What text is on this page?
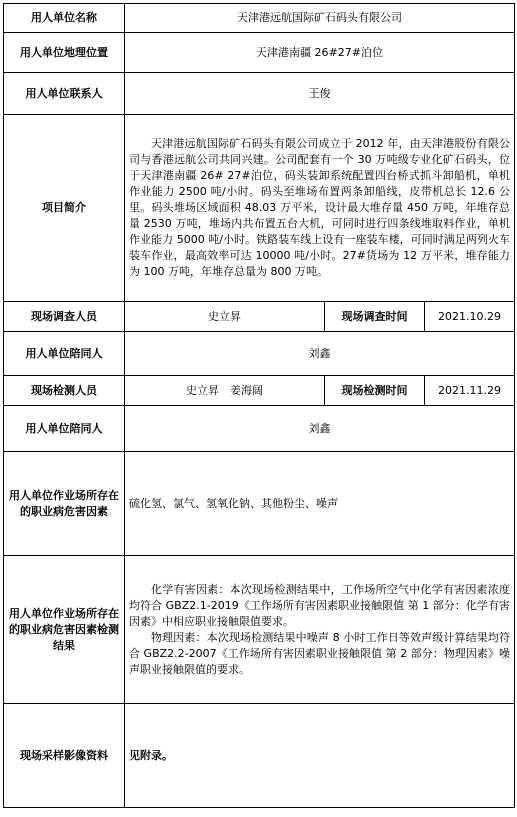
用人单位名称	天津港远航国际矿石码头有限公司		
用人单位地理位置	天津港南疆 26#27#泊位		
用人单位联系人	王俊		
项目简介	天津港远航国际矿石码头有限公司成立于 2012 年，由天津港股份有限公司与香港远航公司共同兴建。公司配套有一个 30 万吨级专业化矿石码头，位于天津港南疆 26# 27#泊位，码头装卸系统配置四台桥式抓斗卸船机，单机作业能力 2500 吨/小时。码头至堆场布置两条卸船线，皮带机总长 12.6 公里。码头堆场区域面积 48.03 万平米，设计最大堆存量 450 万吨，年堆存总量 2530 万吨，堆场内共布置五台大机，可同时进行四条线堆取料作业，单机作业能力 5000 吨/小时。铁路装车线上设有一座装车楼，可同时满足两列火车装车作业，最高效率可达 10000 吨/小时。27#货场为 12 万平米，堆存能力为 100 万吨，年堆存总量为 800 万吨。		

现场调查人员	史立昇	现场调查时间	2021.10.29
用人单位陪同人	刘鑫		
现场检测人员	史立昇　姜海阔	现场检测时间	2021.11.29
用人单位陪同人	刘鑫		
用人单位作业场所存在的职业病危害因素	硫化氢、氯气、氢氧化钠、其他粉尘、噪声		
用人单位作业场所存在的职业病危害因素检测结果	化学有害因素：本次现场检测结果中，工作场所空气中化学有害因素浓度均符合 GBZ2.1-2019《工作场所有害因素职业接触限值 第 1 部分：化学有害因素》中相应职业接触限值要求。

物理因素：本次现场检测结果中噪声 8 小时工作日等效声级计算结果均符合 GBZ2.2-2007《工作场所有害因素职业接触限值 第 2 部分：物理因素》噪声职业接触限值的要求。		

现场采样影像资料	见附录。		
